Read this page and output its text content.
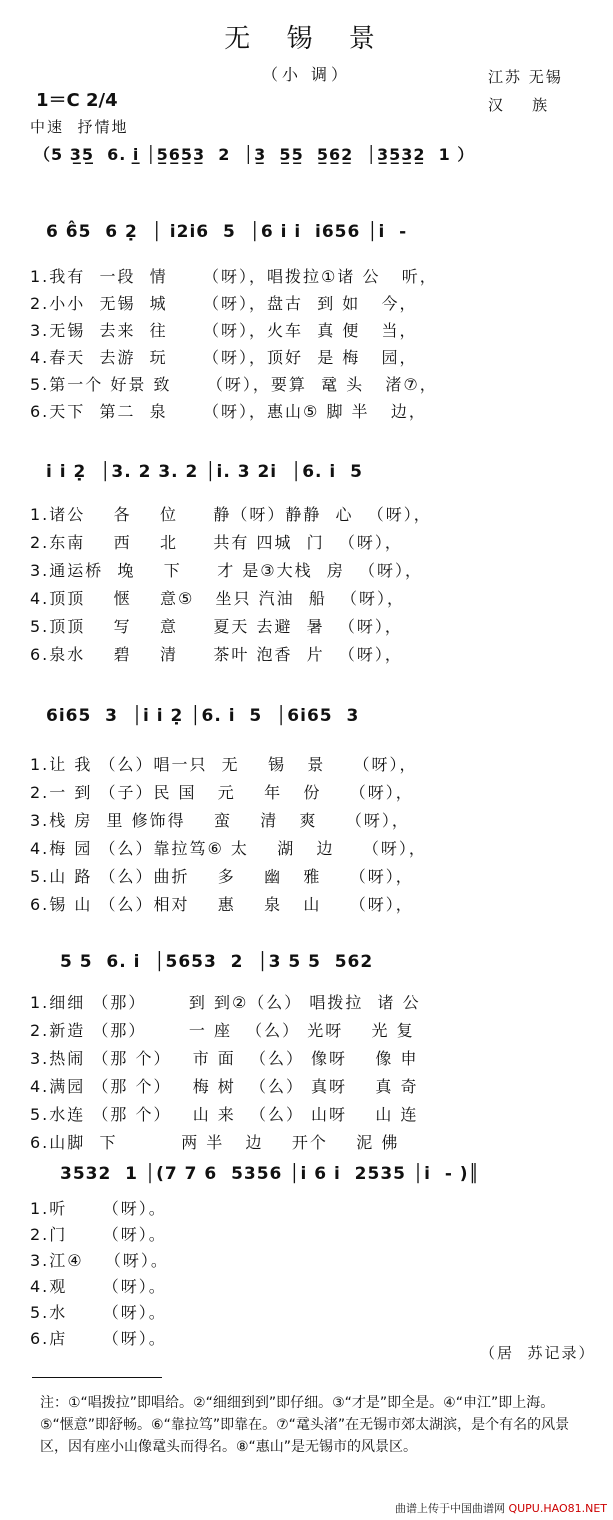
无 锡 景
（小 调）	江苏 无锡
汉    族
1＝C 2/4
中速  抒情地
（5 3̲5̲  6. i̲ │5̲6̲5̲3̲  2  │3̲  5̲5̲  5̲6̲2̲  │3̲5̲3̲2̲  1 ）
6 6̂5  6 2̣  │ i2i6  5  │6 i i  i656 │i  -
1.我有  一段  情     （呀），唱拨拉①诸 公   听，
2.小小  无锡  城     （呀），盘古  到 如   今，
3.无锡  去来  往     （呀），火车  真 便   当，
4.春天  去游  玩     （呀），顶好  是 梅   园，
5.第一个 好景 致     （呀），要算  鼋 头   渚⑦，
6.天下  第二  泉     （呀），惠山⑤ 脚 半   边，
i i 2̣  │3. 2 3. 2 │i. 3 2i  │6. i  5
1.诸公    各    位     静（呀）静静  心  （呀），
2.东南    西    北     共有 四城  门  （呀），
3.通运桥  堍    下     才 是③大栈  房  （呀），
4.顶顶    惬    意⑤   坐只 汽油  船  （呀），
5.顶顶    写    意     夏天 去避  暑  （呀），
6.泉水    碧    清     茶叶 泡香  片  （呀），
6i65  3  │i i 2̣ │6. i  5  │6i65  3
1.让 我 （么）唱一只  无    锡   景    （呀），
2.一 到 （子）民 国   元    年   份    （呀），
3.栈 房  里 修饰得    蛮    清   爽    （呀），
4.梅 园 （么）靠拉笃⑥ 太    湖   边    （呀），
5.山 路 （么）曲折    多    幽   雅    （呀），
6.锡 山 （么）相对    惠    泉   山    （呀），
5 5  6. i  │5653  2  │3 5 5  562
1.细细 （那）      到 到②（么） 唱拨拉  诸 公
2.新造 （那）      一 座  （么） 光呀    光 复
3.热闹 （那 个）   市 面  （么） 像呀    像 申
4.满园 （那 个）   梅 树  （么） 真呀    真 奇
5.水连 （那 个）   山 来  （么） 山呀    山 连
6.山脚  下         两 半   边    开个    泥 佛
3532  1 │(7 7 6  5356 │i 6 i  2535 │i  - )║
1.听     （呀）。
2.门     （呀）。
3.江④   （呀）。
4.观     （呀）。
5.水     （呀）。
6.店     （呀）。
（居  苏记录）
注：①“唱拨拉”即唱给。②“细细到到”即仔细。③“才是”即全是。④“申江”即上海。⑤“惬意”即舒畅。⑥“靠拉笃”即靠在。⑦“鼋头渚”在无锡市郊太湖滨，是个有名的风景区，因有座小山像鼋头而得名。⑧“惠山”是无锡市的风景区。
曲谱上传于中国曲谱网 QUPU.HAO81.NET
